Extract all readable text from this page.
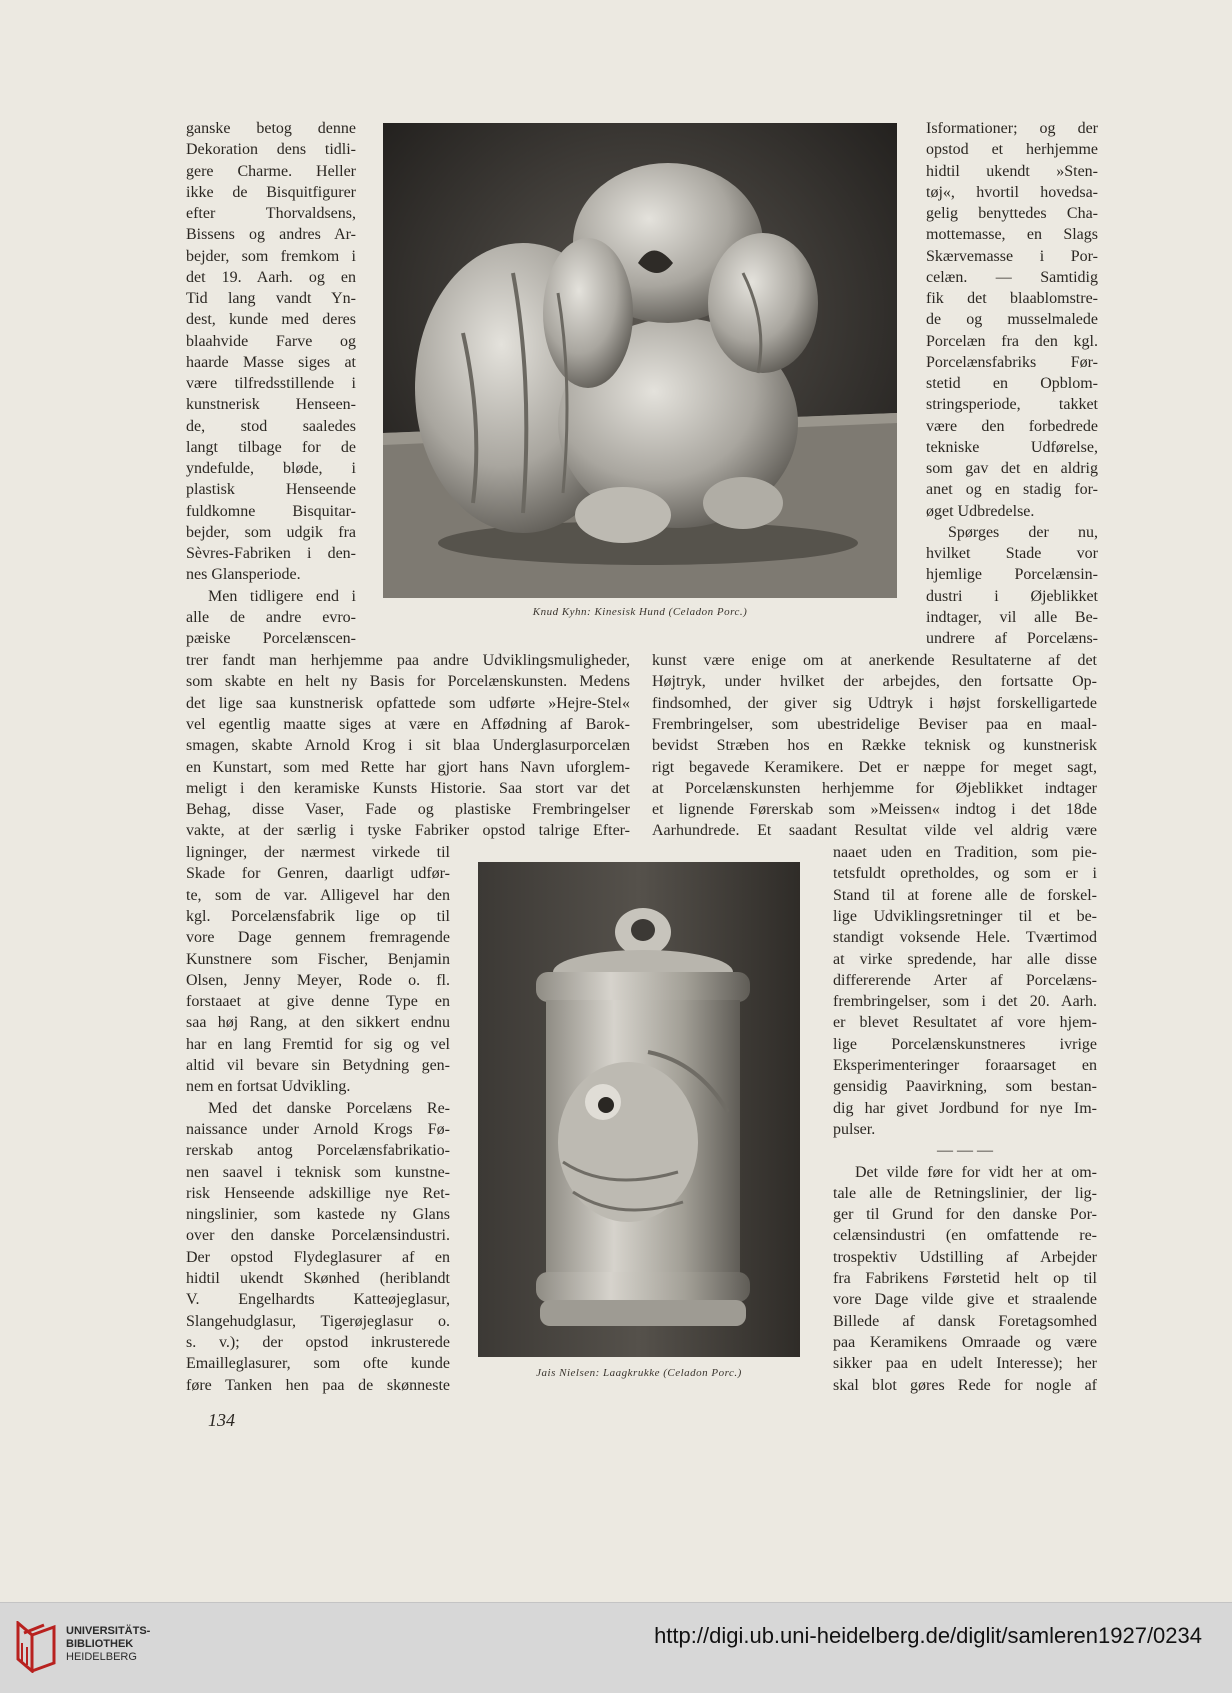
Knud Kyhn: Kinesisk Hund (Celadon Porc.)
Jais Nielsen: Laagkrukke (Celadon Porc.)
ganske betog denne
Dekoration dens tidli-
gere Charme. Heller
ikke de Bisquitfigurer
efter Thorvaldsens,
Bissens og andres Ar-
bejder, som fremkom i
det 19. Aarh. og en
Tid lang vandt Yn-
dest, kunde med deres
blaahvide Farve og
haarde Masse siges at
være tilfredsstillende i
kunstnerisk Henseen-
de, stod saaledes
langt tilbage for de
yndefulde, bløde, i
plastisk Henseende
fuldkomne Bisquitar-
bejder, som udgik fra
Sèvres-Fabriken i den-
nes Glansperiode.
Men tidligere end i
alle de andre evro-
pæiske Porcelænscen-
Isformationer; og der
opstod et herhjemme
hidtil ukendt »Sten-
tøj«, hvortil hovedsa-
gelig benyttedes Cha-
mottemasse, en Slags
Skærvemasse i Por-
celæn. — Samtidig
fik det blaablomstre-
de og musselmalede
Porcelæn fra den kgl.
Porcelænsfabriks Før-
stetid en Opblom-
stringsperiode, takket
være den forbedrede
tekniske Udførelse,
som gav det en aldrig
anet og en stadig for-
øget Udbredelse.
Spørges der nu,
hvilket Stade vor
hjemlige Porcelænsin-
dustri i Øjeblikket
indtager, vil alle Be-
undrere af Porcelæns-
trer fandt man herhjemme paa andre Udviklingsmuligheder,
som skabte en helt ny Basis for Porcelænskunsten. Medens
det lige saa kunstnerisk opfattede som udførte »Hejre-Stel«
vel egentlig maatte siges at være en Affødning af Barok-
smagen, skabte Arnold Krog i sit blaa Underglasurporcelæn
en Kunstart, som med Rette har gjort hans Navn uforglem-
meligt i den keramiske Kunsts Historie. Saa stort var det
Behag, disse Vaser, Fade og plastiske Frembringelser
vakte, at der særlig i tyske Fabriker opstod talrige Efter-
kunst være enige om at anerkende Resultaterne af det
Højtryk, under hvilket der arbejdes, den fortsatte Op-
findsomhed, der giver sig Udtryk i højst forskelligartede
Frembringelser, som ubestridelige Beviser paa en maal-
bevidst Stræben hos en Række teknisk og kunstnerisk
rigt begavede Keramikere. Det er næppe for meget sagt,
at Porcelænskunsten herhjemme for Øjeblikket indtager
et lignende Førerskab som »Meissen« indtog i det 18de
Aarhundrede. Et saadant Resultat vilde vel aldrig være
ligninger, der nærmest virkede til
Skade for Genren, daarligt udfør-
te, som de var. Alligevel har den
kgl. Porcelænsfabrik lige op til
vore Dage gennem fremragende
Kunstnere som Fischer, Benjamin
Olsen, Jenny Meyer, Rode o. fl.
forstaaet at give denne Type en
saa høj Rang, at den sikkert endnu
har en lang Fremtid for sig og vel
altid vil bevare sin Betydning gen-
nem en fortsat Udvikling.
Med det danske Porcelæns Re-
naissance under Arnold Krogs Fø-
rerskab antog Porcelænsfabrikatio-
nen saavel i teknisk som kunstne-
risk Henseende adskillige nye Ret-
ningslinier, som kastede ny Glans
over den danske Porcelænsindustri.
Der opstod Flydeglasurer af en
hidtil ukendt Skønhed (heriblandt
V. Engelhardts Katteøjeglasur,
Slangehudglasur, Tigerøjeglasur o.
s. v.); der opstod inkrusterede
Emailleglasurer, som ofte kunde
føre Tanken hen paa de skønneste
naaet uden en Tradition, som pie-
tetsfuldt opretholdes, og som er i
Stand til at forene alle de forskel-
lige Udviklingsretninger til et be-
standigt voksende Hele. Tværtimod
at virke spredende, har alle disse
differerende Arter af Porcelæns-
frembringelser, som i det 20. Aarh.
er blevet Resultatet af vore hjem-
lige Porcelænskunstneres ivrige
Eksperimenteringer foraarsaget en
gensidig Paavirkning, som bestan-
dig har givet Jordbund for nye Im-
pulser.
— — —
Det vilde føre for vidt her at om-
tale alle de Retningslinier, der lig-
ger til Grund for den danske Por-
celænsindustri (en omfattende re-
trospektiv Udstilling af Arbejder
fra Fabrikens Førstetid helt op til
vore Dage vilde give et straalende
Billede af dansk Foretagsomhed
paa Keramikens Omraade og være
sikker paa en udelt Interesse); her
skal blot gøres Rede for nogle af
134
UNIVERSITÄTS-
BIBLIOTHEK
HEIDELBERG
http://digi.ub.uni-heidelberg.de/diglit/samleren1927/0234
